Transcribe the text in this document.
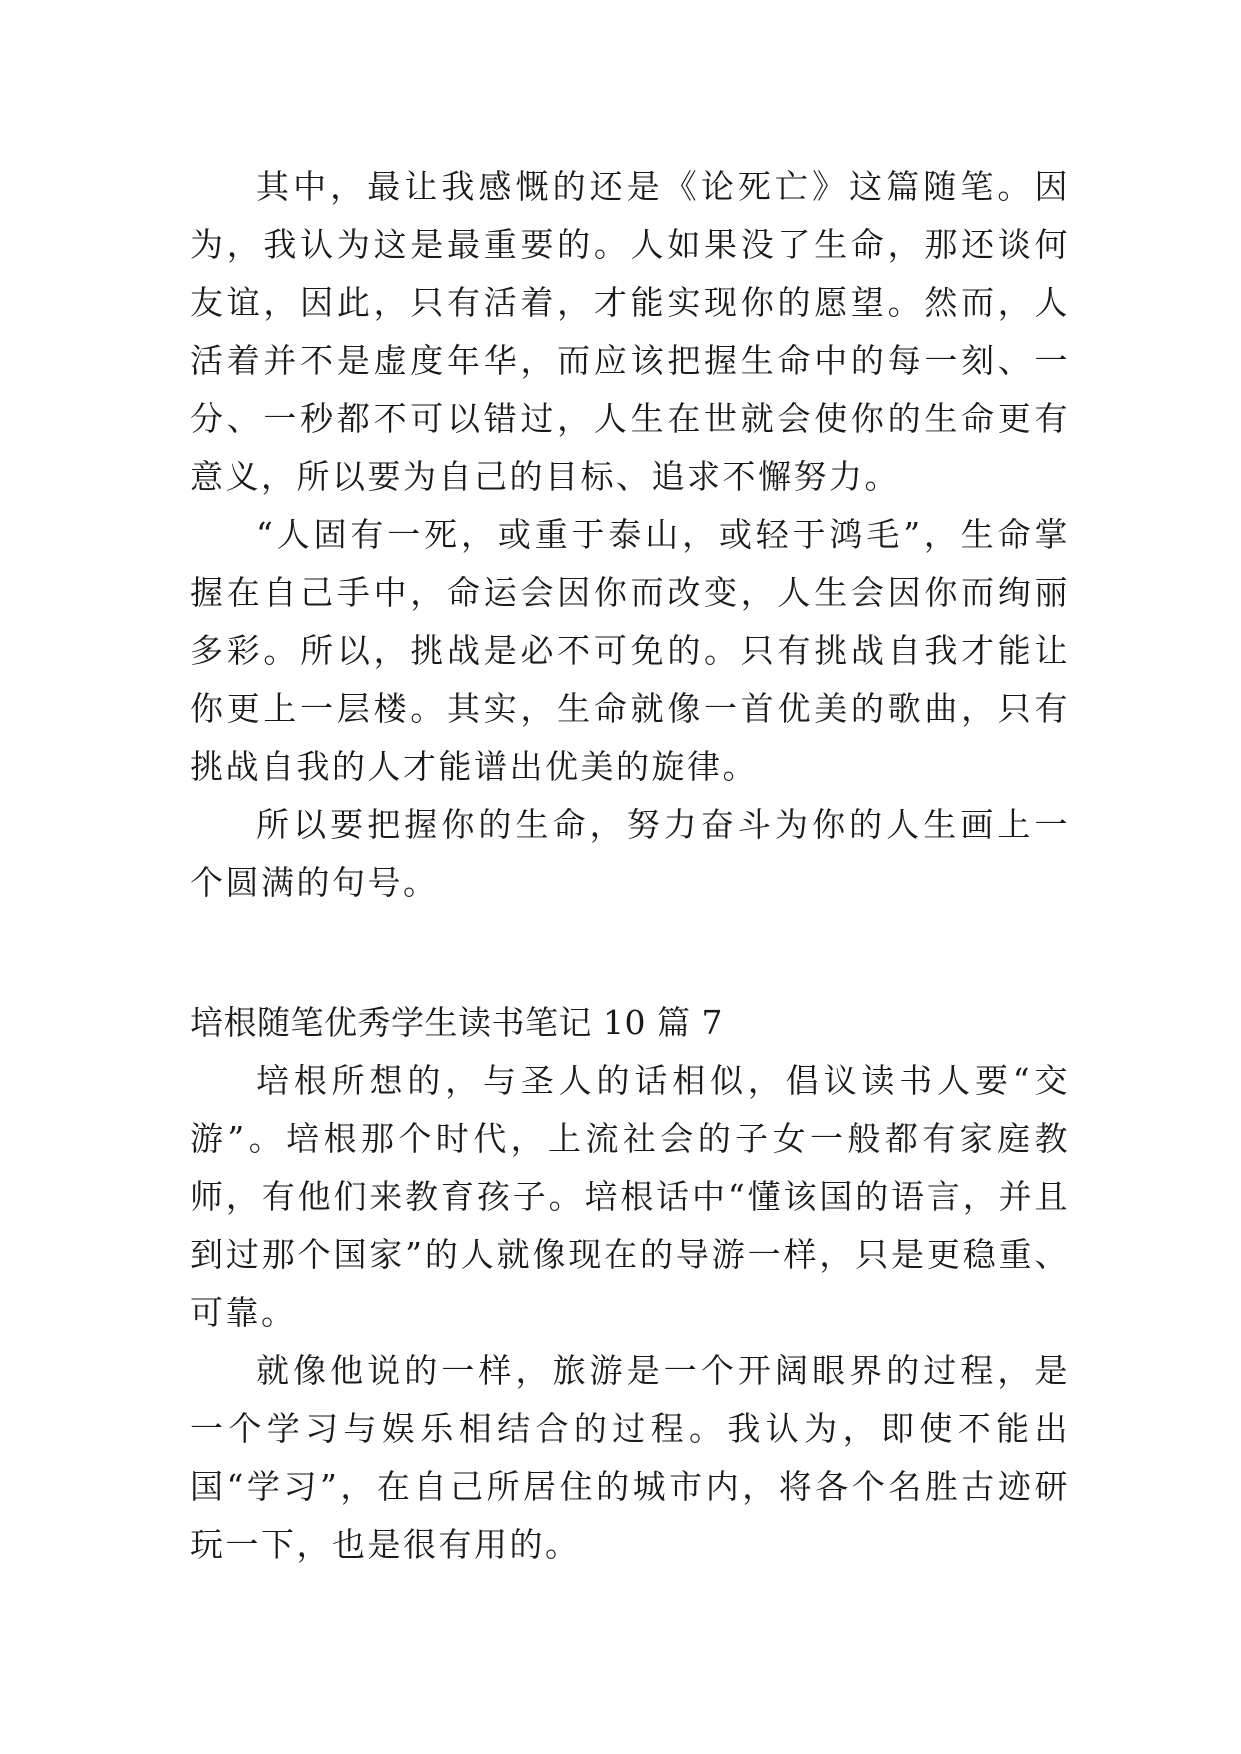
其中，最让我感慨的还是《论死亡》这篇随笔。因为，我认为这是最重要的。人如果没了生命，那还谈何友谊，因此，只有活着，才能实现你的愿望。然而，人活着并不是虚度年华，而应该把握生命中的每一刻、一分、一秒都不可以错过，人生在世就会使你的生命更有意义，所以要为自己的目标、追求不懈努力。

“人固有一死，或重于泰山，或轻于鸿毛”，生命掌握在自己手中，命运会因你而改变，人生会因你而绚丽多彩。所以，挑战是必不可免的。只有挑战自我才能让你更上一层楼。其实，生命就像一首优美的歌曲，只有挑战自我的人才能谱出优美的旋律。

所以要把握你的生命，努力奋斗为你的人生画上一个圆满的句号。

培根随笔优秀学生读书笔记 10 篇 7

培根所想的，与圣人的话相似，倡议读书人要“交游”。培根那个时代，上流社会的子女一般都有家庭教师，有他们来教育孩子。培根话中“懂该国的语言，并且到过那个国家”的人就像现在的导游一样，只是更稳重、可靠。

就像他说的一样，旅游是一个开阔眼界的过程，是一个学习与娱乐相结合的过程。我认为，即使不能出国“学习”，在自己所居住的城市内，将各个名胜古迹研玩一下，也是很有用的。
